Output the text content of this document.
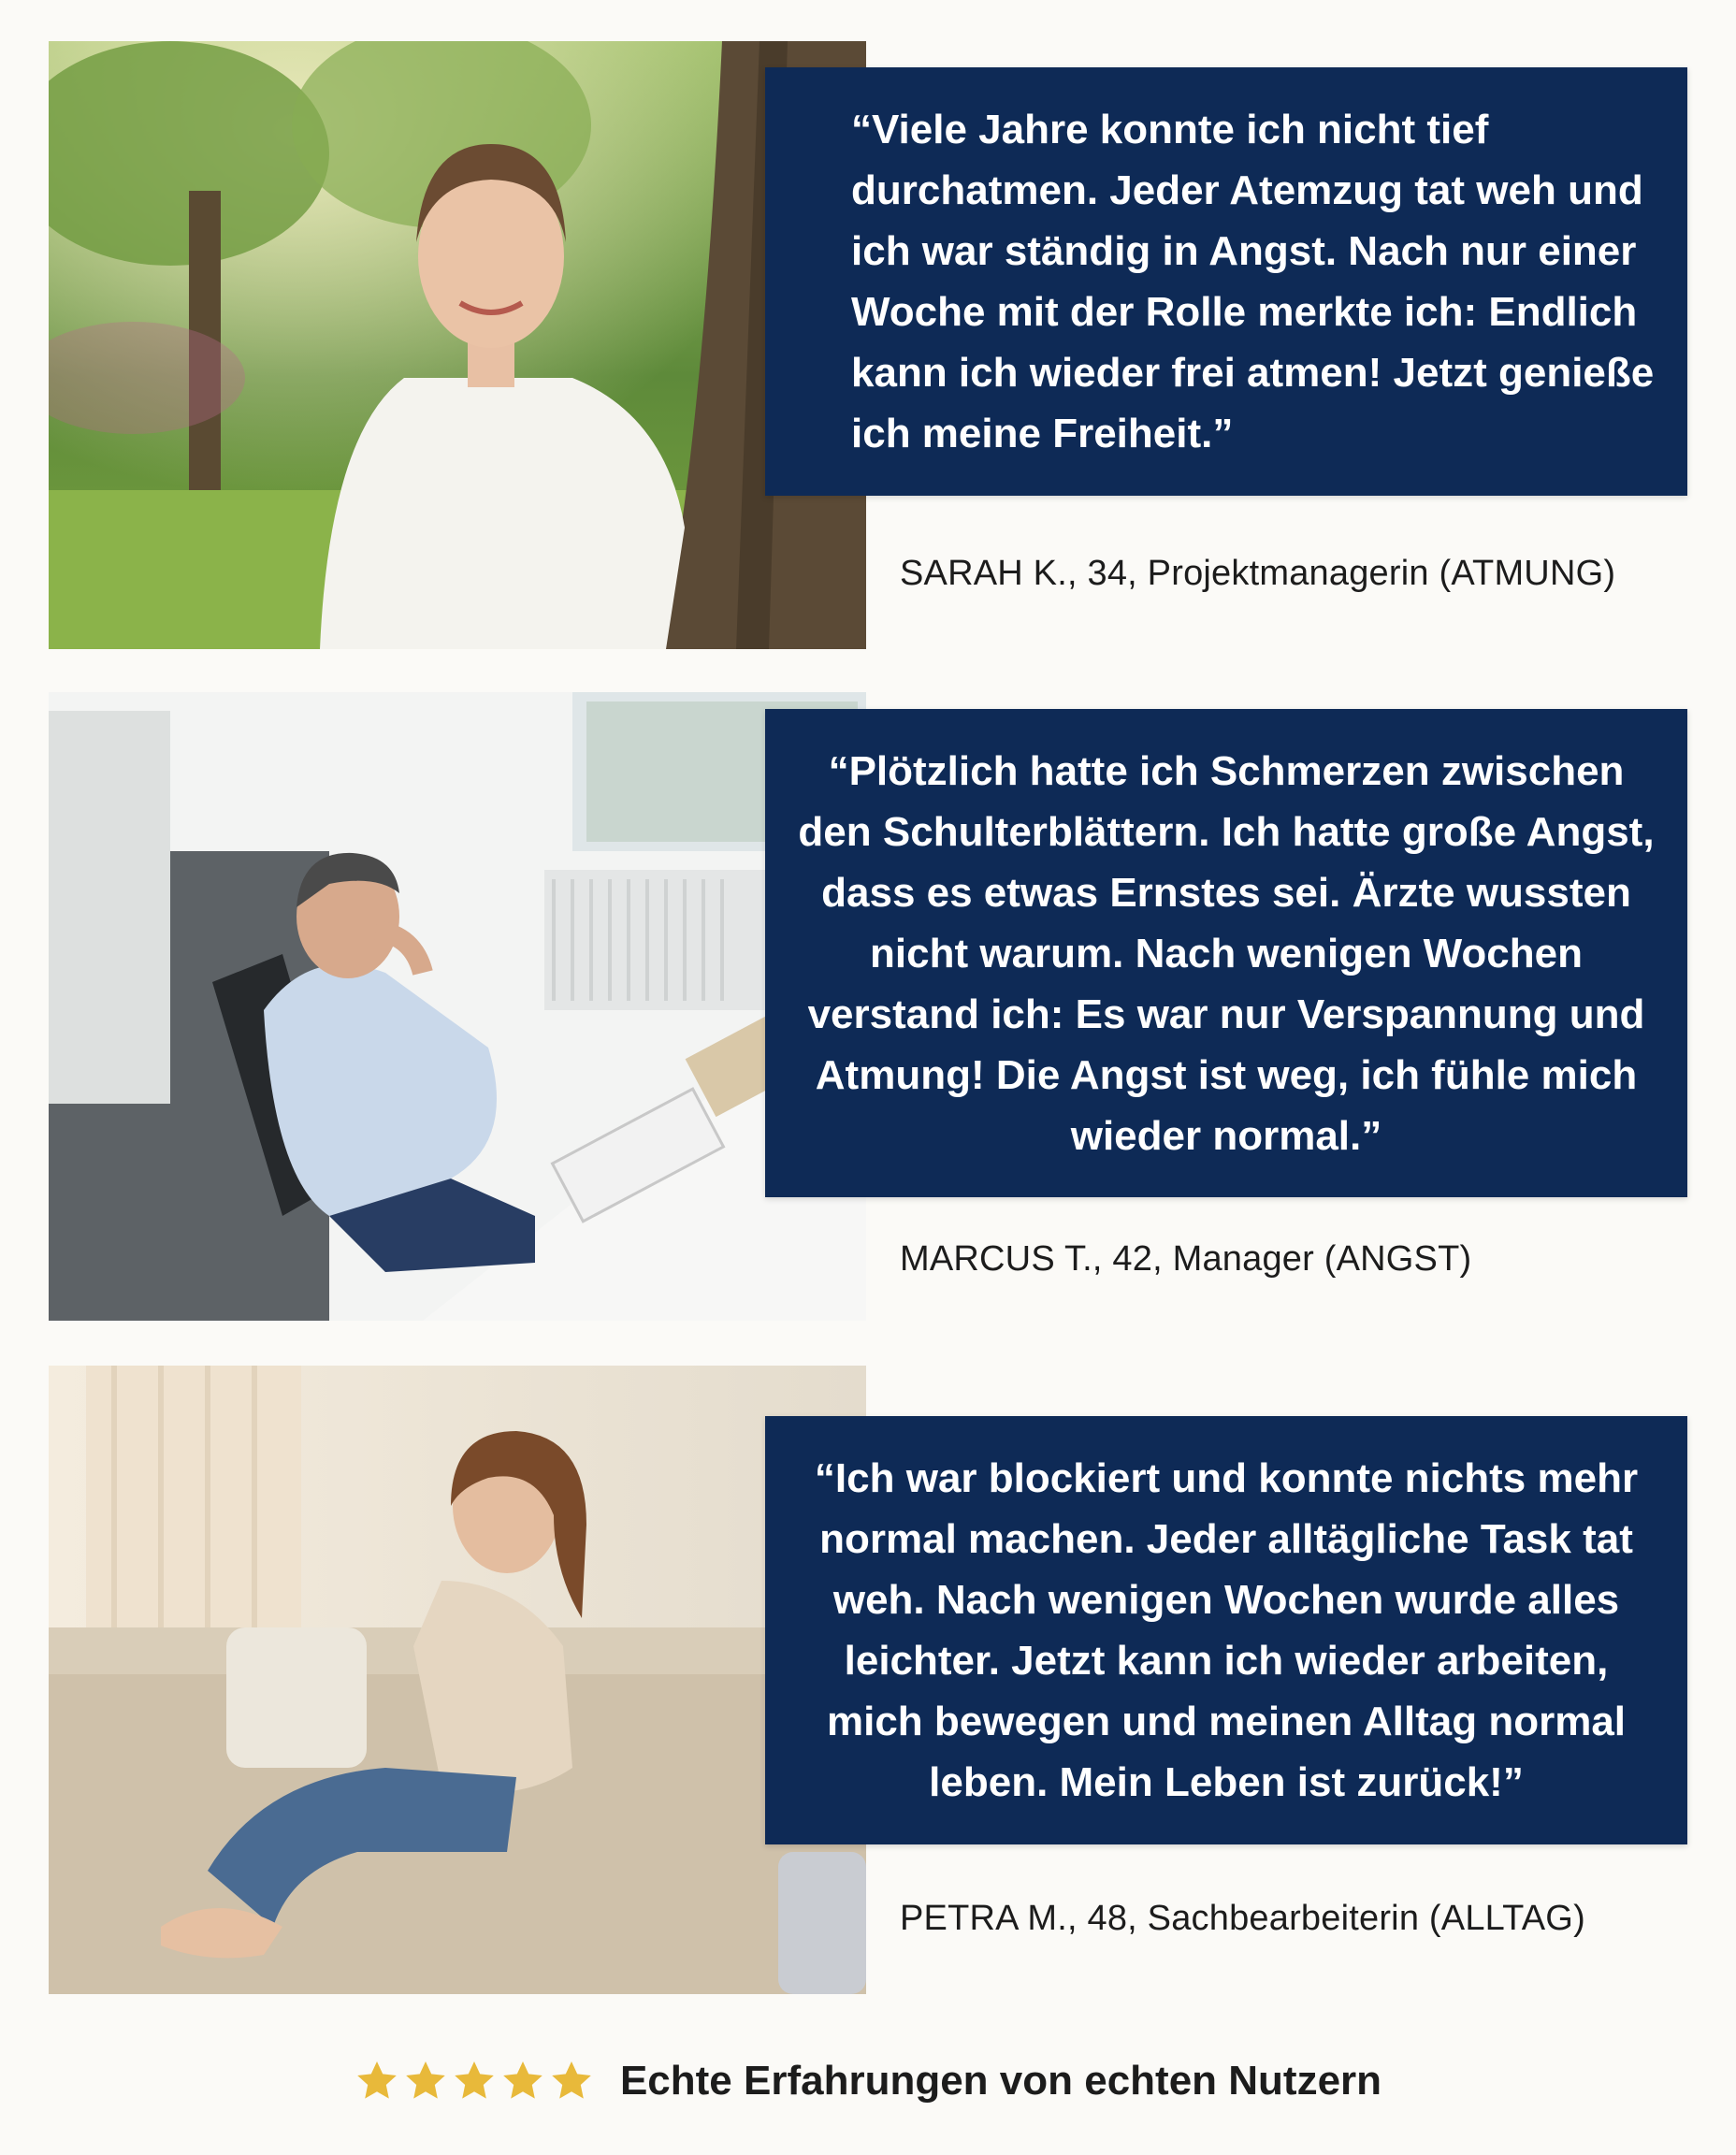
“Viele Jahre konnte ich nicht tief durchatmen. Jeder Atemzug tat weh und ich war ständig in Angst. Nach nur einer Woche mit der Rolle merkte ich: Endlich kann ich wieder frei atmen! Jetzt genieße ich meine Freiheit.”

SARAH K., 34, Projektmanagerin (ATMUNG)

“Plötzlich hatte ich Schmerzen zwischen den Schulterblättern. Ich hatte große Angst, dass es etwas Ernstes sei. Ärzte wussten nicht warum. Nach wenigen Wochen verstand ich: Es war nur Verspannung und Atmung! Die Angst ist weg, ich fühle mich wieder normal.”

MARCUS T., 42, Manager (ANGST)

“Ich war blockiert und konnte nichts mehr normal machen. Jeder alltägliche Task tat weh. Nach wenigen Wochen wurde alles leichter. Jetzt kann ich wieder arbeiten, mich bewegen und meinen Alltag normal leben. Mein Leben ist zurück!”

PETRA M., 48, Sachbearbeiterin (ALLTAG)
Echte Erfahrungen von echten Nutzern
